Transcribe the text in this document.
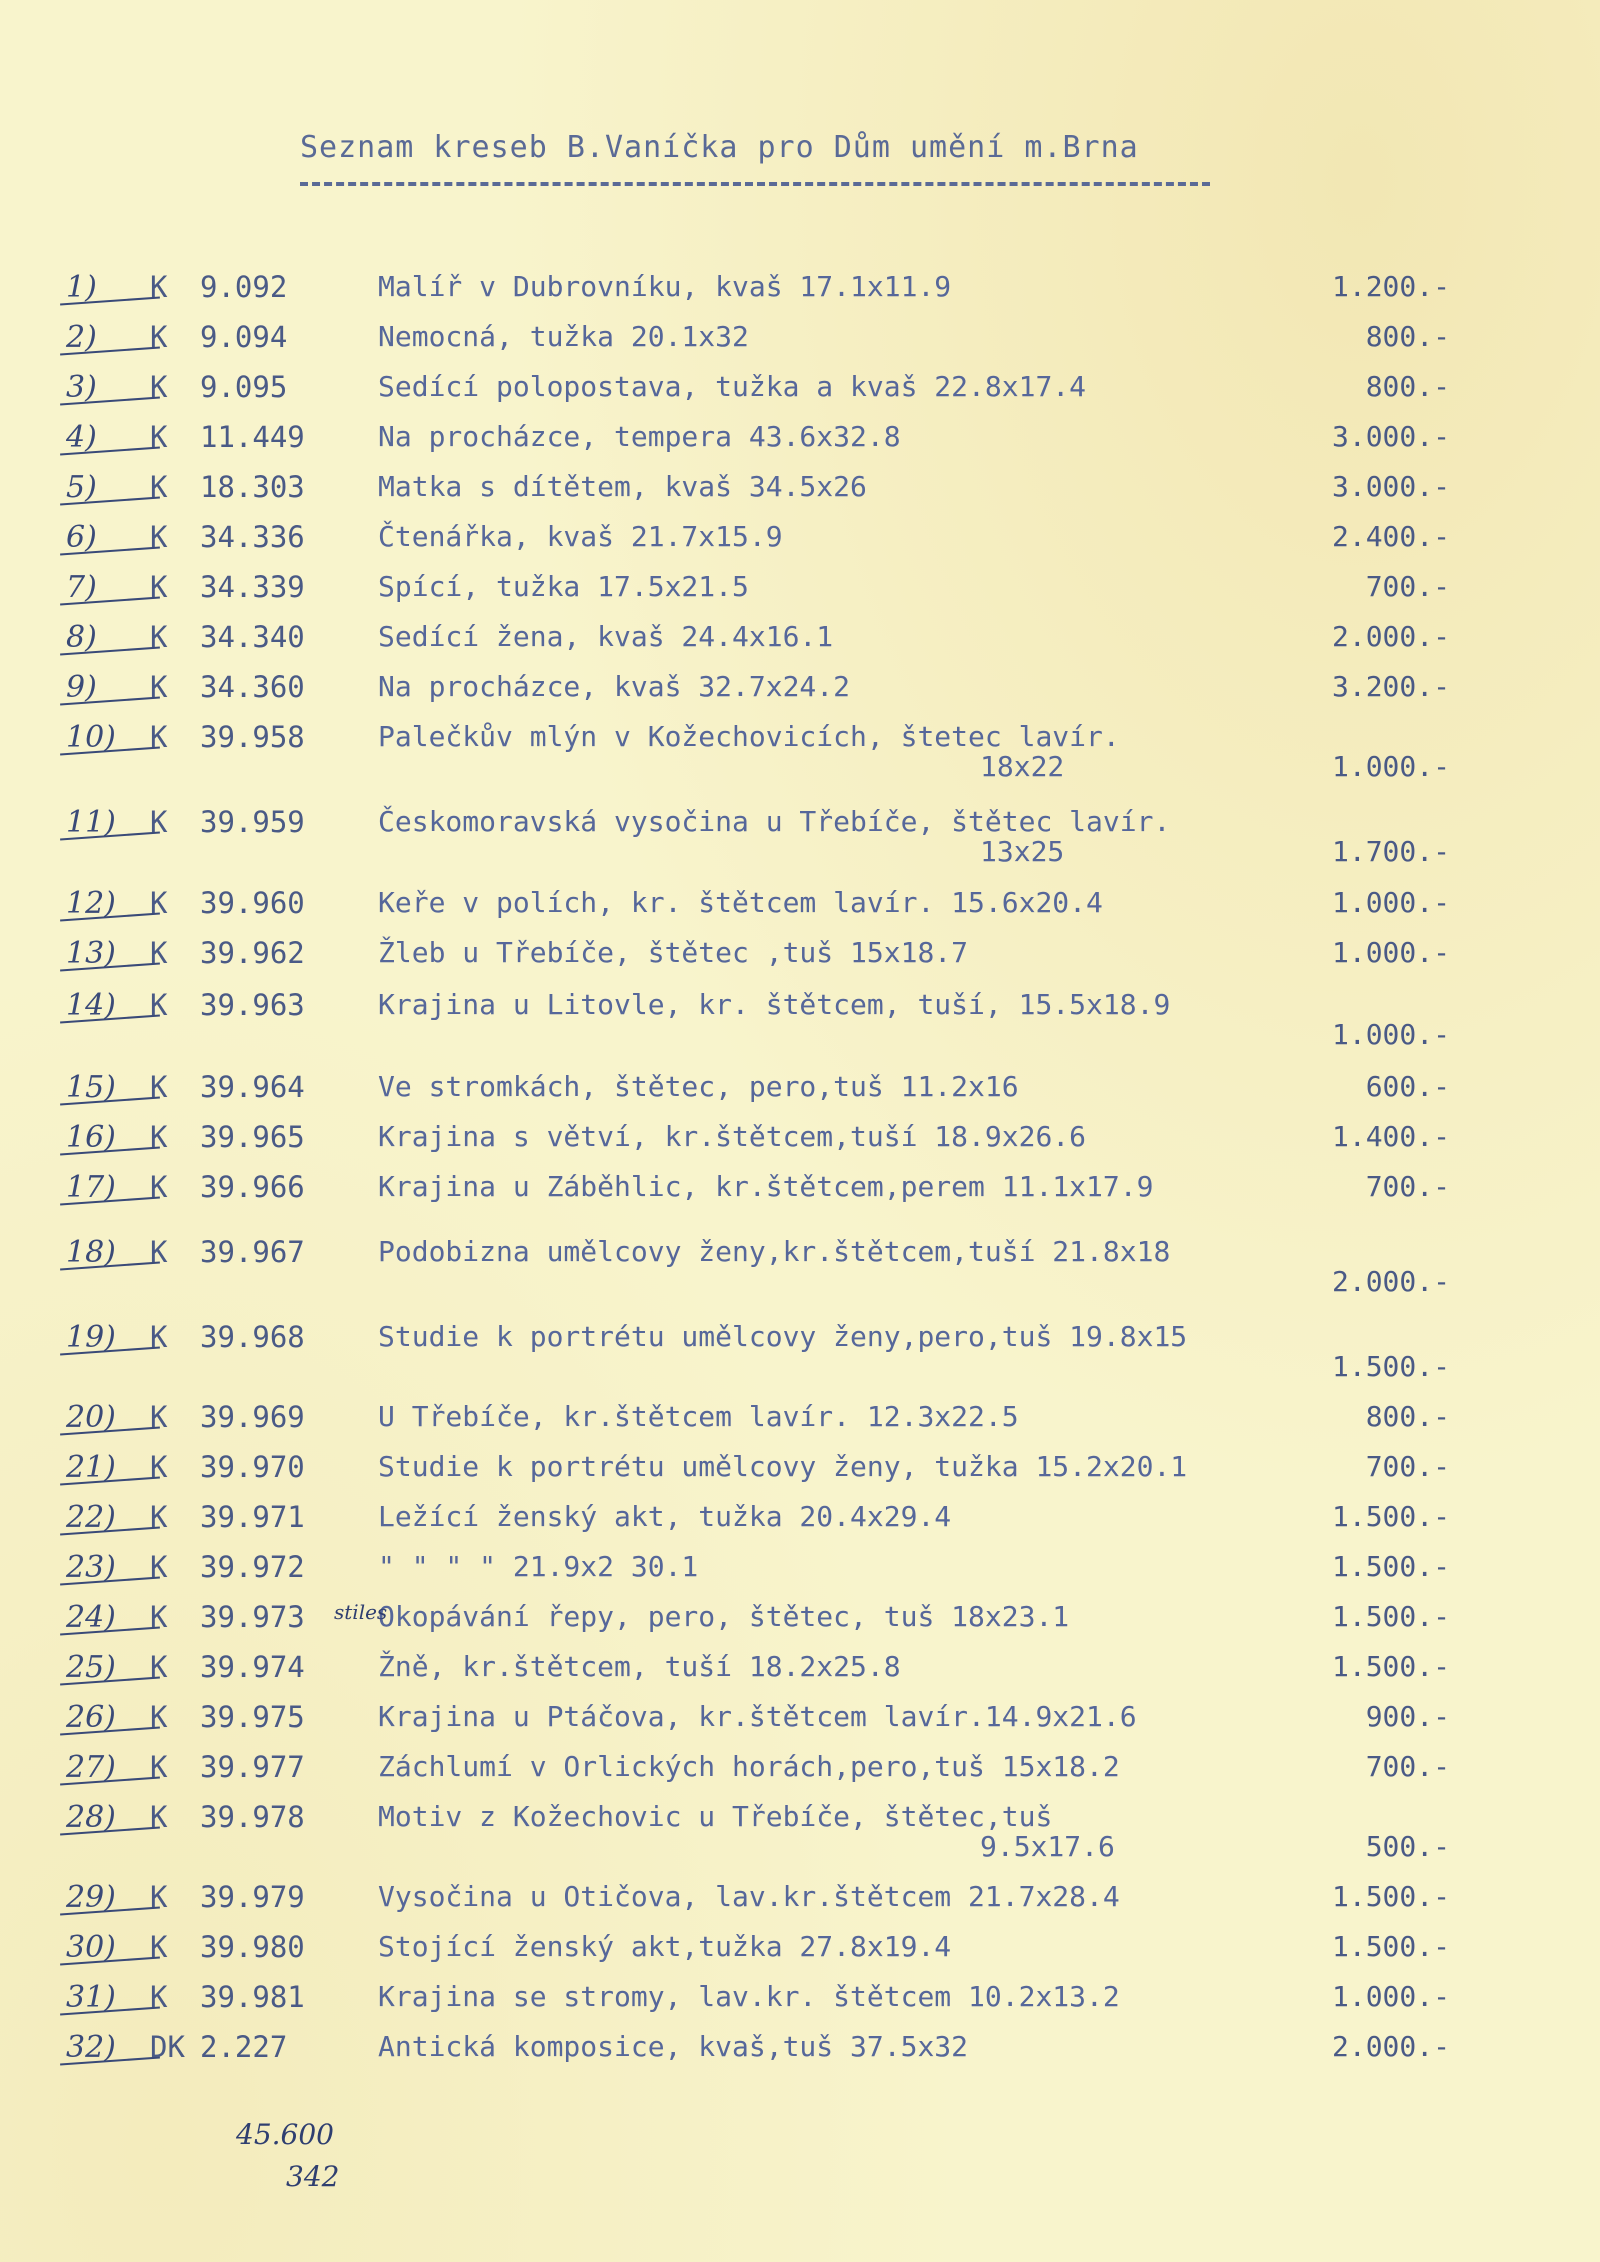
Seznam kreseb B.Vaníčka pro Dům umění m.Brna
1)	K	9.092	Malíř v Dubrovníku, kvaš 17.1x11.9	1.200.-
2)	K	9.094	Nemocná, tužka 20.1x32	800.-
3)	K	9.095	Sedící polopostava, tužka a kvaš 22.8x17.4	800.-
4)	K	11.449	Na procházce, tempera 43.6x32.8	3.000.-
5)	K	18.303	Matka s dítětem, kvaš 34.5x26	3.000.-
6)	K	34.336	Čtenářka, kvaš 21.7x15.9	2.400.-
7)	K	34.339	Spící, tužka 17.5x21.5	700.-
8)	K	34.340	Sedící žena, kvaš 24.4x16.1	2.000.-
9)	K	34.360	Na procházce, kvaš 32.7x24.2	3.200.-
10)	K	39.958	Palečkův mlýn v Kožechovicích, štetec lavír.
18x22	1.000.-
11)	K	39.959	Českomoravská vysočina u Třebíče, štětec lavír.
13x25	1.700.-
12)	K	39.960	Keře v polích, kr. štětcem lavír. 15.6x20.4	1.000.-
13)	K	39.962	Žleb u Třebíče, štětec ,tuš 15x18.7	1.000.-
14)	K	39.963	Krajina u Litovle, kr. štětcem, tuší, 15.5x18.9
1.000.-
15)	K	39.964	Ve stromkách, štětec, pero,tuš 11.2x16	600.-
16)	K	39.965	Krajina s větví, kr.štětcem,tuší 18.9x26.6	1.400.-
17)	K	39.966	Krajina u Záběhlic, kr.štětcem,perem 11.1x17.9	700.-
18)	K	39.967	Podobizna umělcovy ženy,kr.štětcem,tuší 21.8x18
2.000.-
19)	K	39.968	Studie k portrétu umělcovy ženy,pero,tuš 19.8x15
1.500.-
20)	K	39.969	U Třebíče, kr.štětcem lavír. 12.3x22.5	800.-
21)	K	39.970	Studie k portrétu umělcovy ženy, tužka 15.2x20.1	700.-
22)	K	39.971	Ležící ženský akt, tužka 20.4x29.4	1.500.-
23)	K	39.972	" " " " 21.9x2 30.1	1.500.-
24)	K	39.973	Okopávání řepy, pero, štětec, tuš 18x23.1	1.500.-
25)	K	39.974	Žně, kr.štětcem, tuší 18.2x25.8	1.500.-
26)	K	39.975	Krajina u Ptáčova, kr.štětcem lavír.14.9x21.6	900.-
27)	K	39.977	Záchlumí v Orlických horách,pero,tuš 15x18.2	700.-
28)	K	39.978	Motiv z Kožechovic u Třebíče, štětec,tuš
9.5x17.6	500.-
29)	K	39.979	Vysočina u Otičova, lav.kr.štětcem 21.7x28.4	1.500.-
30)	K	39.980	Stojící ženský akt,tužka 27.8x19.4	1.500.-
31)	K	39.981	Krajina se stromy, lav.kr. štětcem 10.2x13.2	1.000.-
32)	DK 2.227	Antická komposice, kvaš,tuš 37.5x32	2.000.-
45.600
342
stiles
